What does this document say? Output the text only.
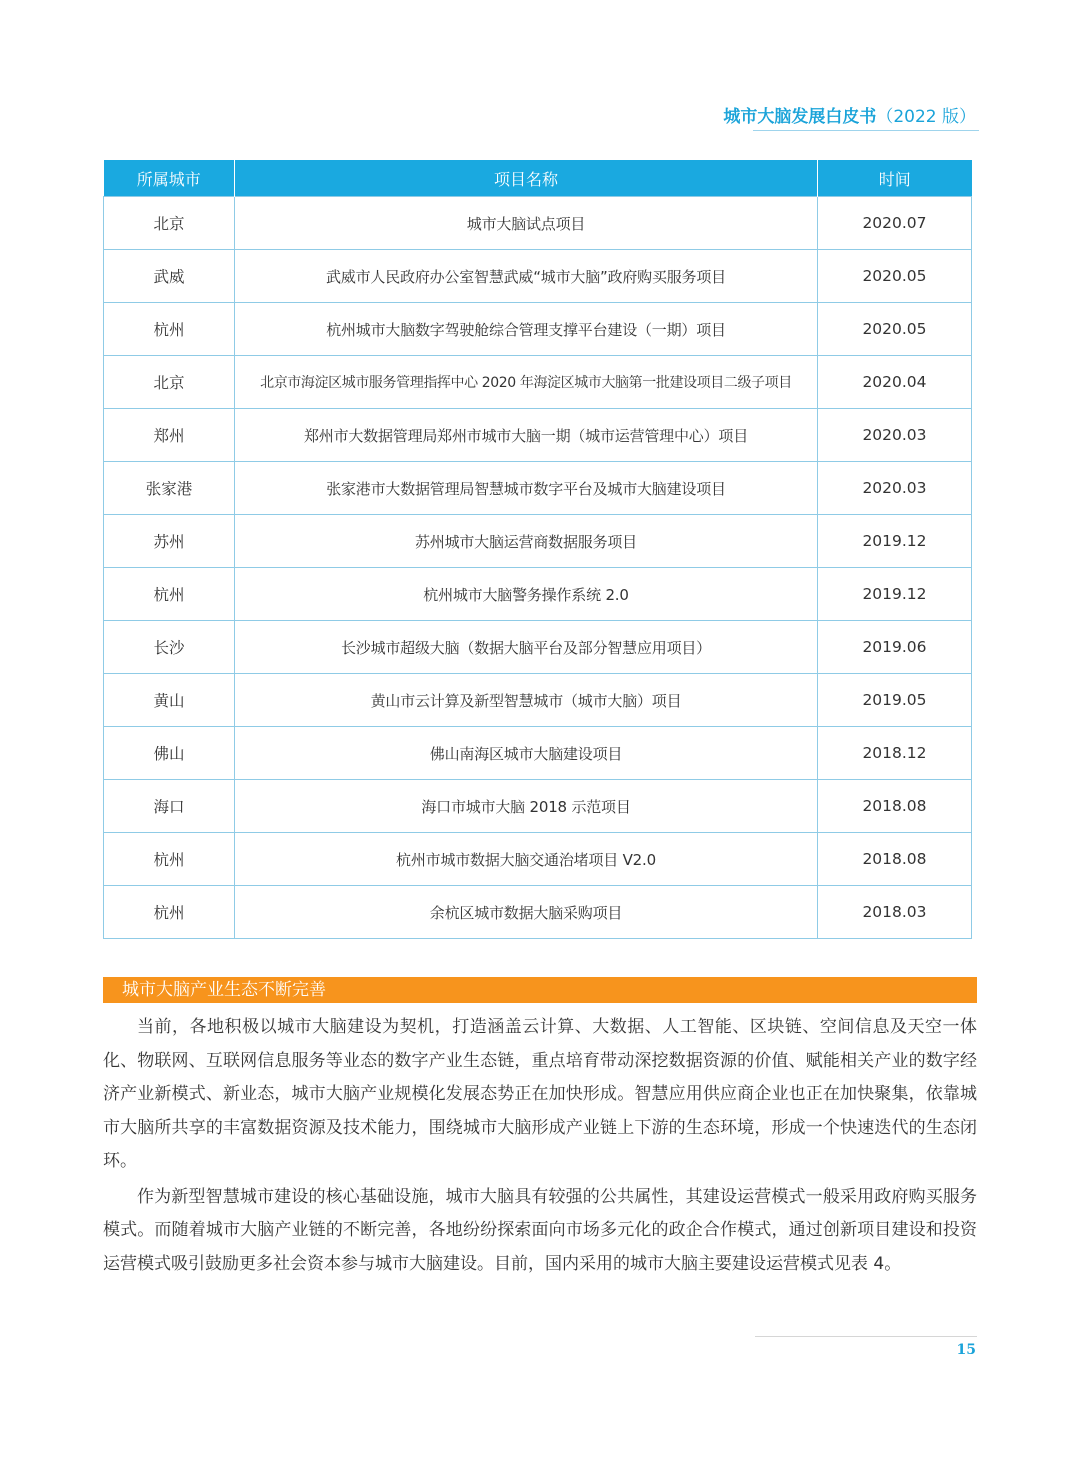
城市大脑发展白皮书（2022 版）
所属城市	项目名称	时间
北京	城市大脑试点项目	2020.07
武威	武威市人民政府办公室智慧武威“城市大脑”政府购买服务项目	2020.05
杭州	杭州城市大脑数字驾驶舱综合管理支撑平台建设（一期）项目	2020.05
北京	北京市海淀区城市服务管理指挥中心 2020 年海淀区城市大脑第一批建设项目二级子项目	2020.04
郑州	郑州市大数据管理局郑州市城市大脑一期（城市运营管理中心）项目	2020.03
张家港	张家港市大数据管理局智慧城市数字平台及城市大脑建设项目	2020.03
苏州	苏州城市大脑运营商数据服务项目	2019.12
杭州	杭州城市大脑警务操作系统 2.0	2019.12
长沙	长沙城市超级大脑（数据大脑平台及部分智慧应用项目）	2019.06
黄山	黄山市云计算及新型智慧城市（城市大脑）项目	2019.05
佛山	佛山南海区城市大脑建设项目	2018.12
海口	海口市城市大脑 2018 示范项目	2018.08
杭州	杭州市城市数据大脑交通治堵项目 V2.0	2018.08
杭州	余杭区城市数据大脑采购项目	2018.03
城市大脑产业生态不断完善

当前，各地积极以城市大脑建设为契机，打造涵盖云计算、大数据、人工智能、区块链、空间信息及天空一体化、物联网、互联网信息服务等业态的数字产业生态链，重点培育带动深挖数据资源的价值、赋能相关产业的数字经济产业新模式、新业态，城市大脑产业规模化发展态势正在加快形成。智慧应用供应商企业也正在加快聚集，依靠城市大脑所共享的丰富数据资源及技术能力，围绕城市大脑形成产业链上下游的生态环境，形成一个快速迭代的生态闭环。

作为新型智慧城市建设的核心基础设施，城市大脑具有较强的公共属性，其建设运营模式一般采用政府购买服务模式。而随着城市大脑产业链的不断完善，各地纷纷探索面向市场多元化的政企合作模式，通过创新项目建设和投资运营模式吸引鼓励更多社会资本参与城市大脑建设。目前，国内采用的城市大脑主要建设运营模式见表 4。

15
